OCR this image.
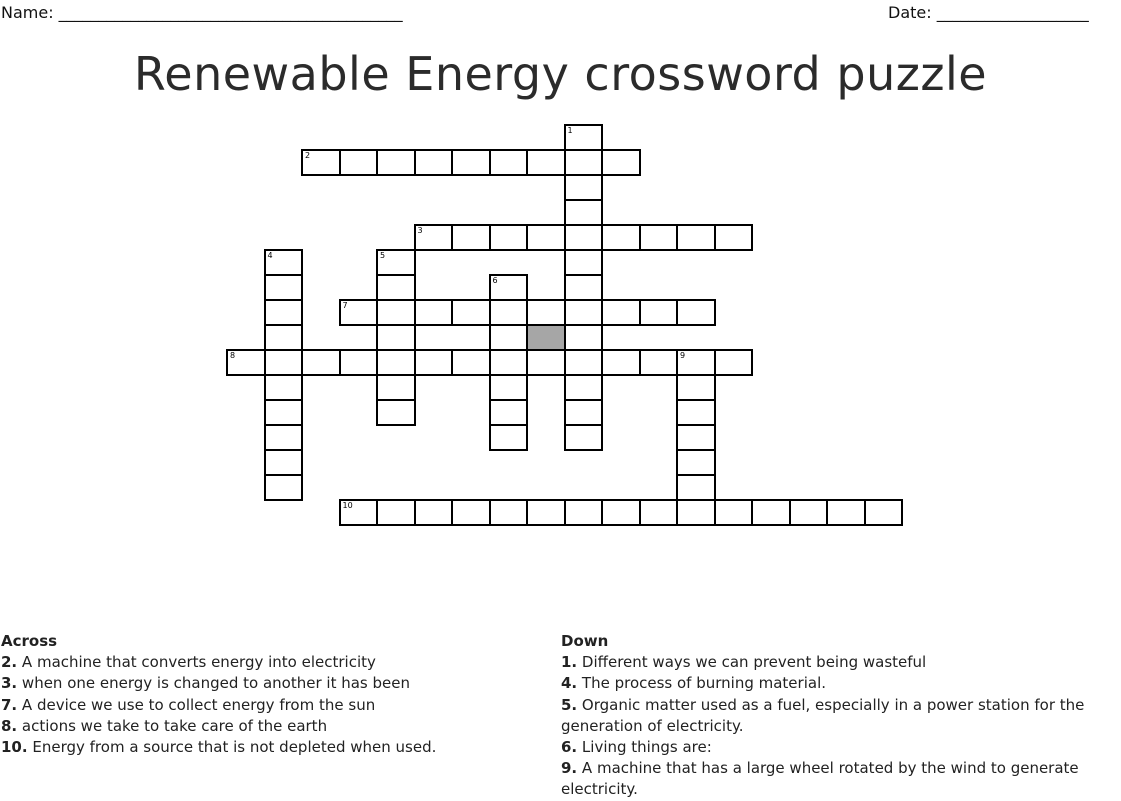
Name: ___________________________________________	Date: ___________________
Renewable Energy crossword puzzle
1
2
3
4	5
6
7
8	9
10
Across
2. A machine that converts energy into electricity
3. when one energy is changed to another it has been
7. A device we use to collect energy from the sun
8. actions we take to take care of the earth
10. Energy from a source that is not depleted when used.
Down
1. Different ways we can prevent being wasteful
4. The process of burning material.
5. Organic matter used as a fuel, especially in a power station for the generation of electricity.
6. Living things are:
9. A machine that has a large wheel rotated by the wind to generate electricity.
